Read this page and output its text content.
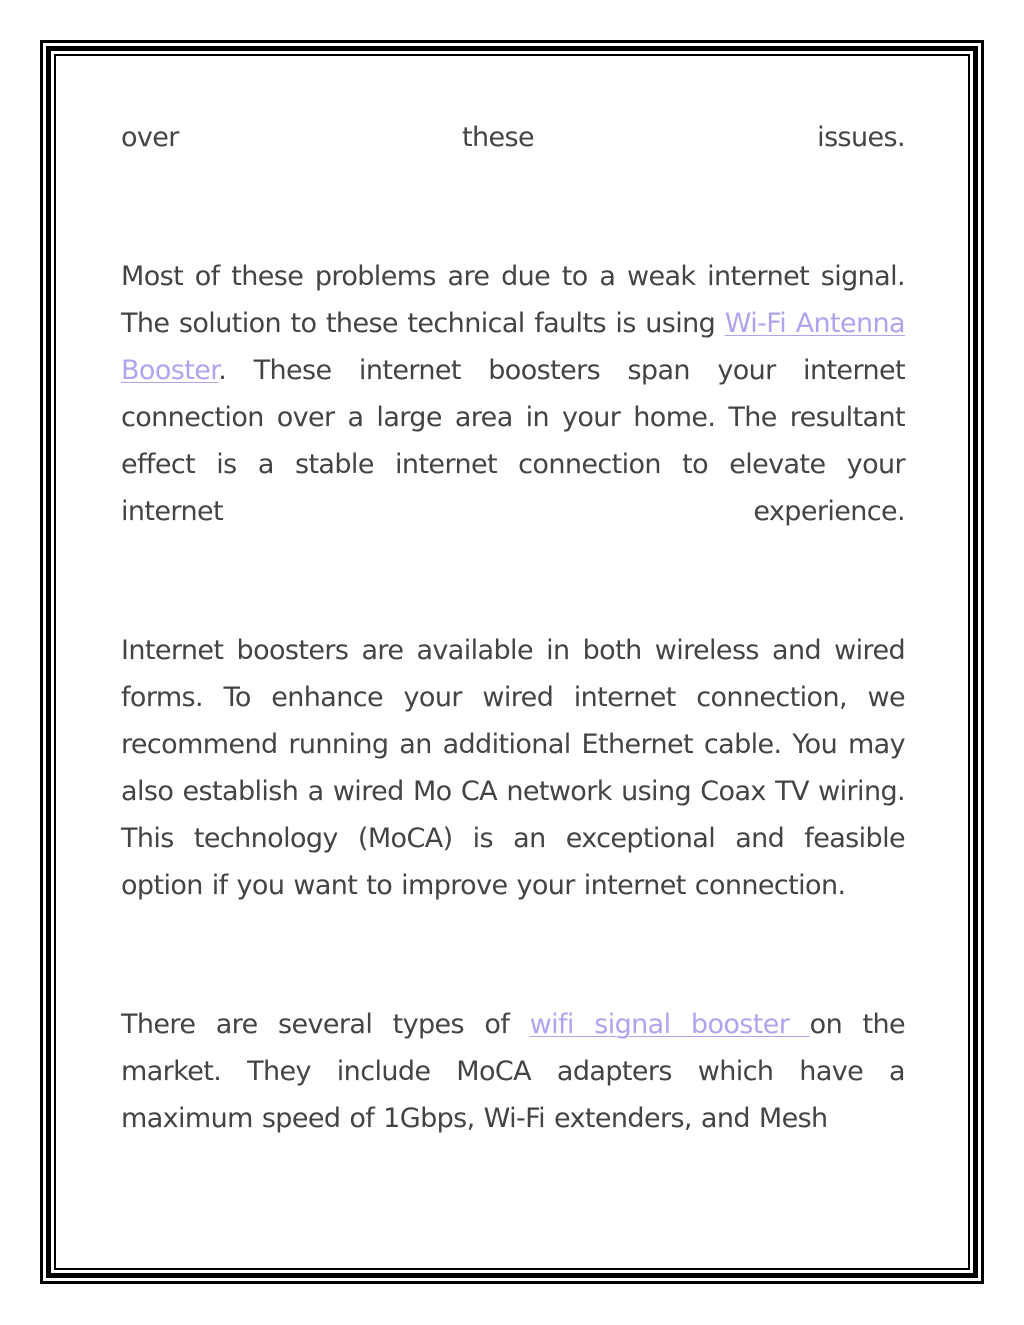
over these issues.

Most of these problems are due to a weak internet signal. The solution to these technical faults is using Wi-Fi Antenna Booster. These internet boosters span your internet connection over a large area in your home. The resultant effect is a stable internet connection to elevate your internet experience.

Internet boosters are available in both wireless and wired forms. To enhance your wired internet connection, we recommend running an additional Ethernet cable. You may also establish a wired Mo CA network using Coax TV wiring. This technology (MoCA) is an exceptional and feasible option if you want to improve your internet connection.

There are several types of wifi signal booster on the market. They include MoCA adapters which have a maximum speed of 1Gbps, Wi-Fi extenders, and Mesh
